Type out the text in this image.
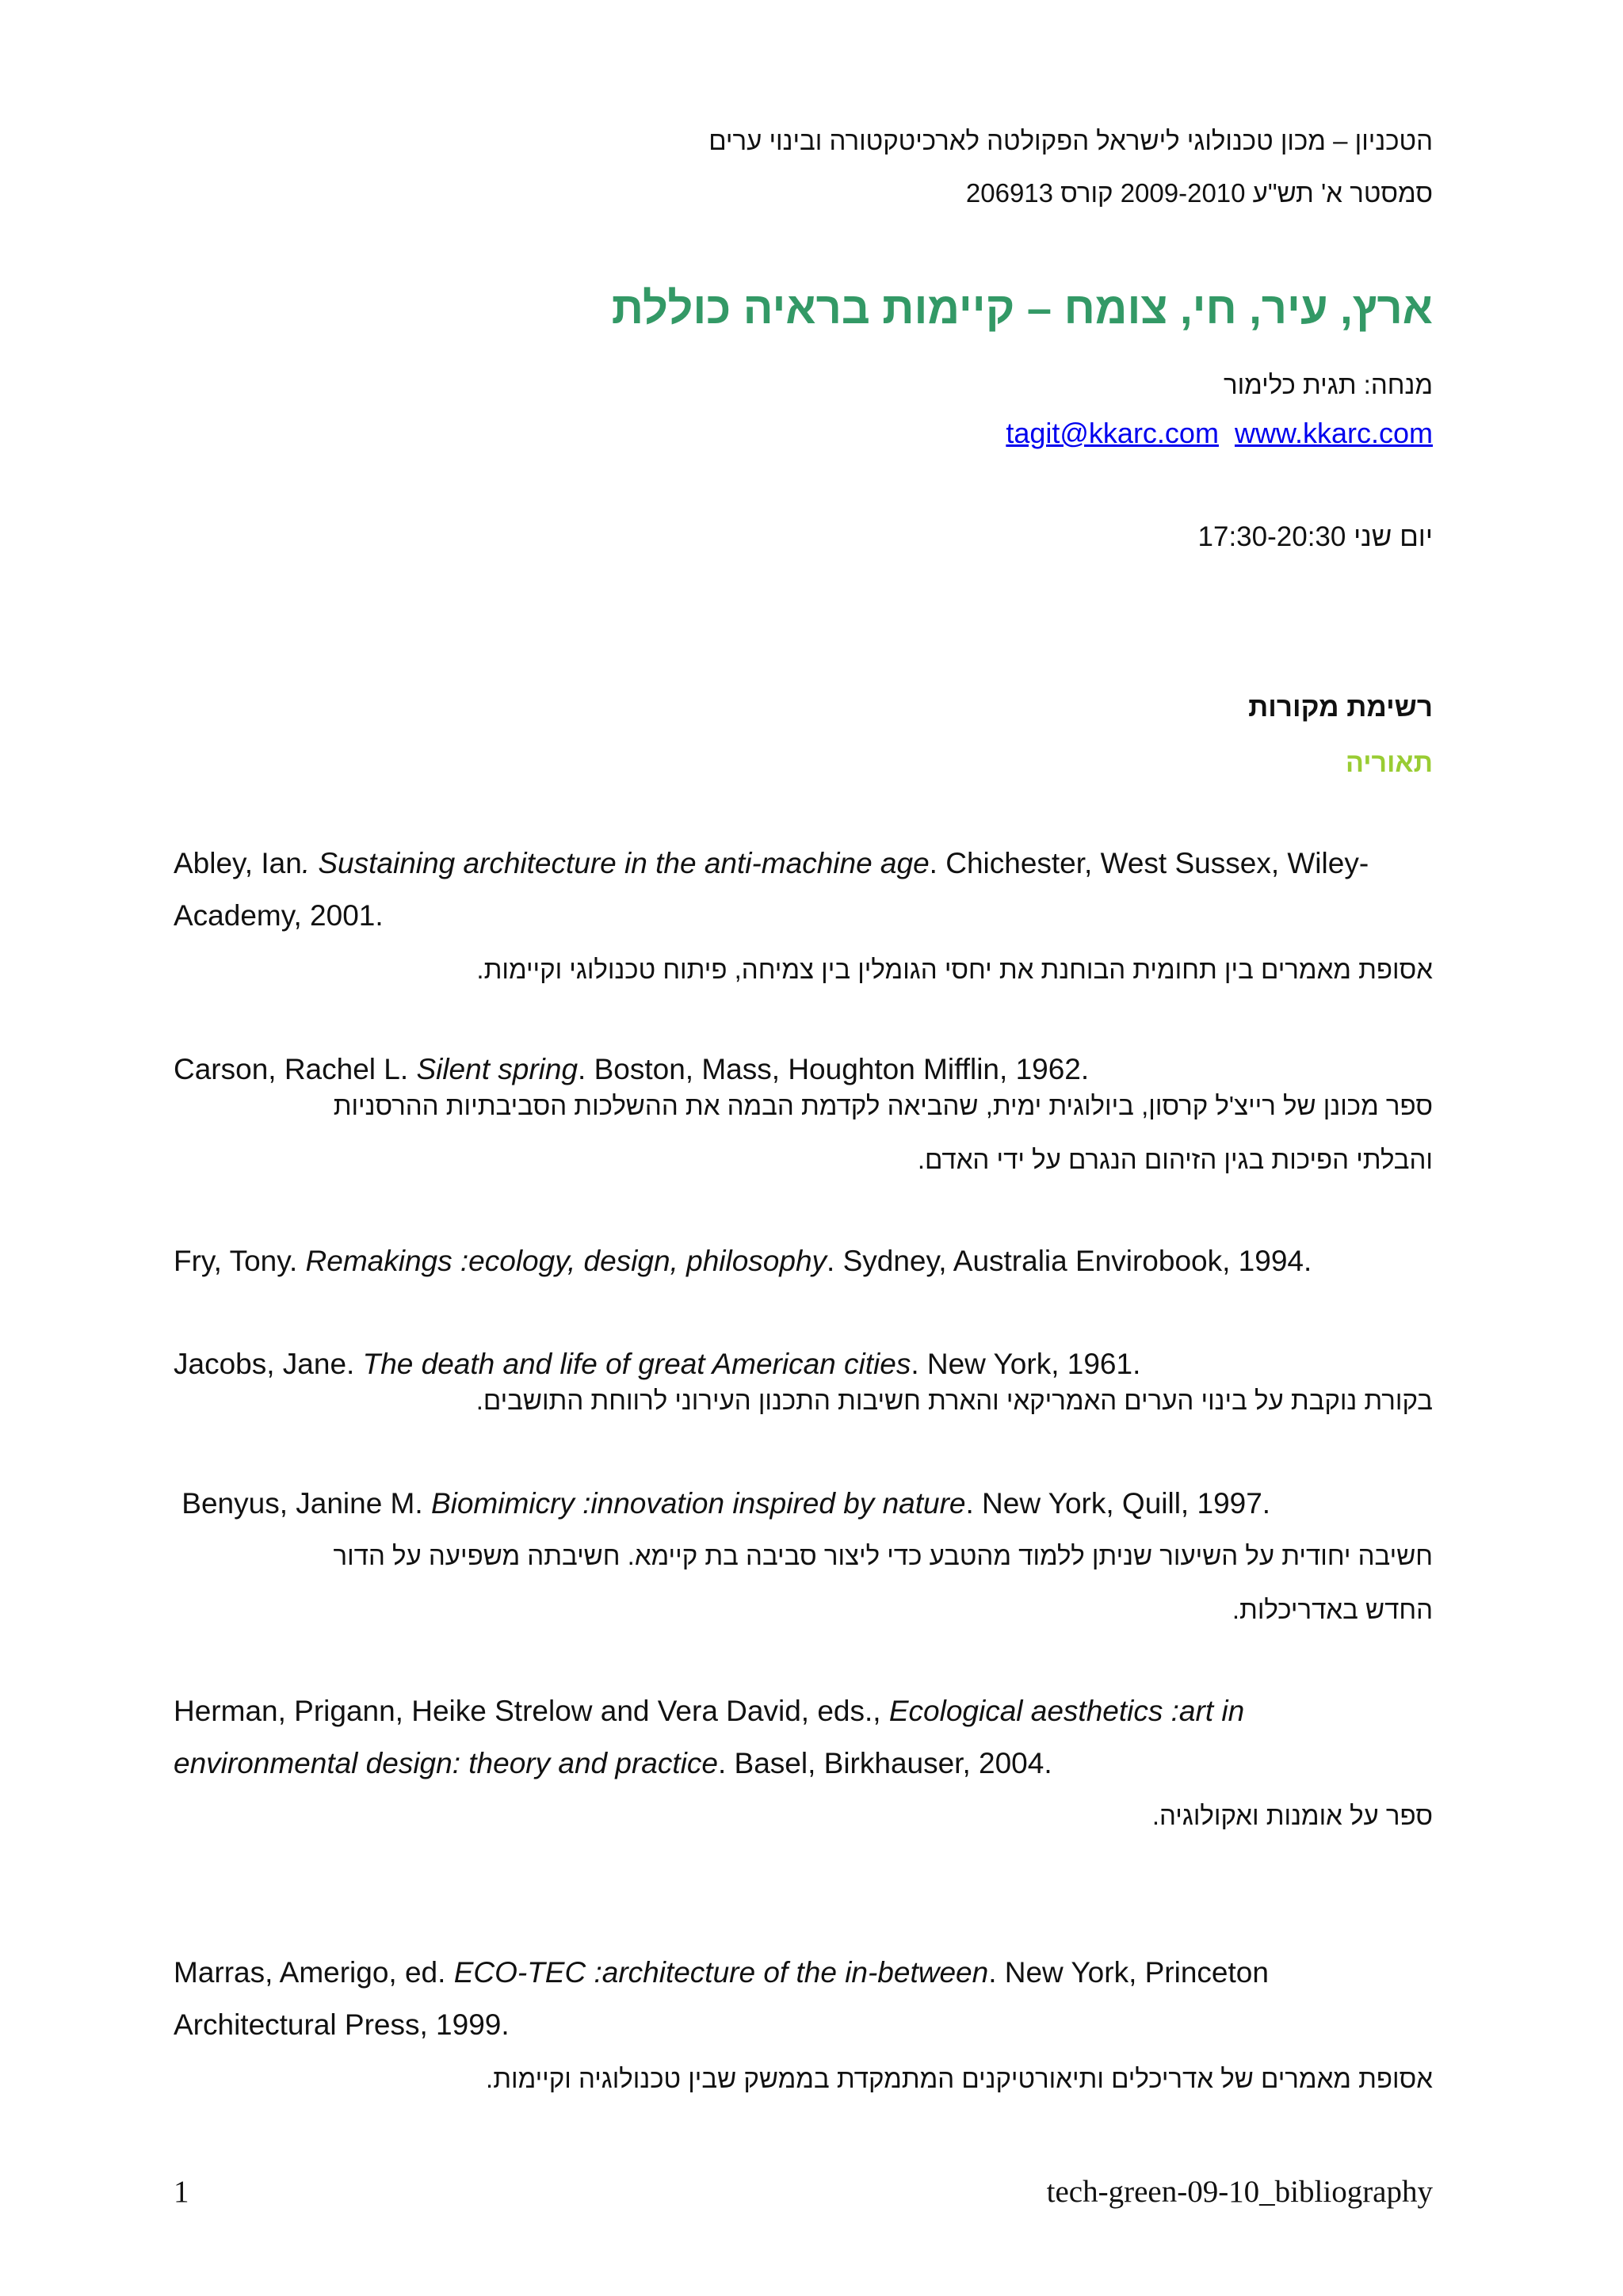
הטכניון – מכון טכנולוגי לישראל הפקולטה לארכיטקטורה ובינוי ערים
סמסטר א' תש"ע 2009-2010 קורס 206913
ארץ, עיר, חי, צומח – קיימות בראיה כוללת
מנחה: תגית כלימור
tagit@kkarc.com www.kkarc.com
יום שני 17:30-20:30
רשימת מקורות
תאוריה
Abley, Ian. Sustaining architecture in the anti-machine age. Chichester, West Sussex, Wiley-
Academy, 2001.
אסופת מאמרים בין תחומית הבוחנת את יחסי הגומלין בין צמיחה, פיתוח טכנולוגי וקיימות.
Carson, Rachel L. Silent spring. Boston, Mass, Houghton Mifflin, 1962.
ספר מכונן של רייצ'ל קרסון, ביולוגית ימית, שהביאה לקדמת הבמה את ההשלכות הסביבתיות ההרסניות
והבלתי הפיכות בגין הזיהום הנגרם על ידי האדם.
Fry, Tony. Remakings :ecology, design, philosophy. Sydney, Australia Envirobook, 1994.
Jacobs, Jane. The death and life of great American cities. New York, 1961.
בקורת נוקבת על בינוי הערים האמריקאי והארת חשיבות התכנון העירוני לרווחת התושבים.
Benyus, Janine M. Biomimicry :innovation inspired by nature. New York, Quill, 1997.
חשיבה יחודית על השיעור שניתן ללמוד מהטבע כדי ליצור סביבה בת קיימא. חשיבתה משפיעה על הדור
החדש באדריכלות.
Herman, Prigann, Heike Strelow and Vera David, eds., Ecological aesthetics :art in
environmental design: theory and practice. Basel, Birkhauser, 2004.
ספר על אומנות ואקולוגיה.
Marras, Amerigo, ed. ECO-TEC :architecture of the in-between. New York, Princeton
Architectural Press, 1999.
אסופת מאמרים של אדריכלים ותיאורטיקנים המתמקדת בממשק שבין טכנולוגיה וקיימות.
1	tech-green-09-10_bibliography
